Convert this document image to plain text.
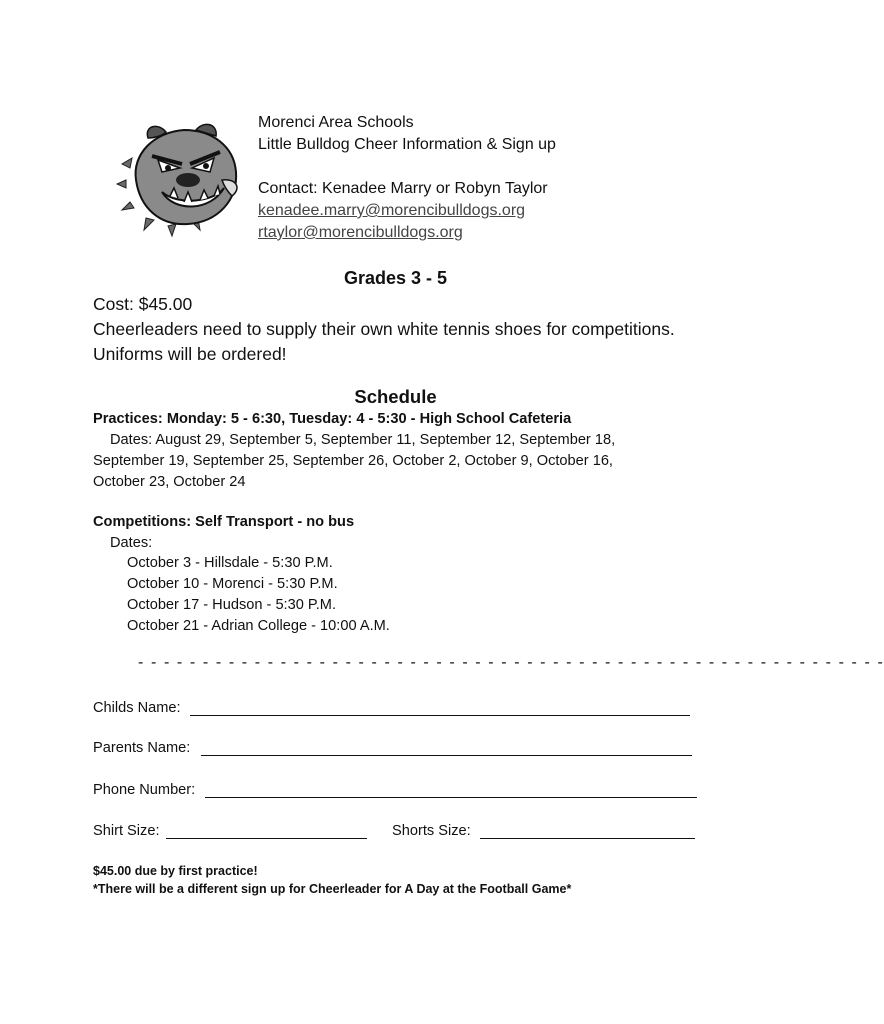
Morenci Area Schools
Little Bulldog Cheer Information & Sign up
Contact: Kenadee Marry or Robyn Taylor
kenadee.marry@morencibulldogs.org
rtaylor@morencibulldogs.org
Grades 3 - 5
Cost: $45.00
Cheerleaders need to supply their own white tennis shoes for competitions.
Uniforms will be ordered!
Schedule
Practices: Monday: 5 - 6:30, Tuesday: 4 - 5:30 - High School Cafeteria
Dates: August 29, September 5, September 11, September 12, September 18,
September 19, September 25, September 26, October 2, October 9, October 16,
October 23, October 24
Competitions: Self Transport - no bus
Dates:
October 3 - Hillsdale - 5:30 P.M.
October 10 - Morenci - 5:30 P.M.
October 17 - Hudson - 5:30 P.M.
October 21 - Adrian College - 10:00 A.M.
- - - - - - - - - - - - - - - - - - - - - - - - - - - - - - - - - - - - - - - - - - - - - - - - - - - - - - - - - -
Childs Name:
Parents Name:
Phone Number:
Shirt Size:	Shorts Size:
$45.00 due by first practice!
*There will be a different sign up for Cheerleader for A Day at the Football Game*
